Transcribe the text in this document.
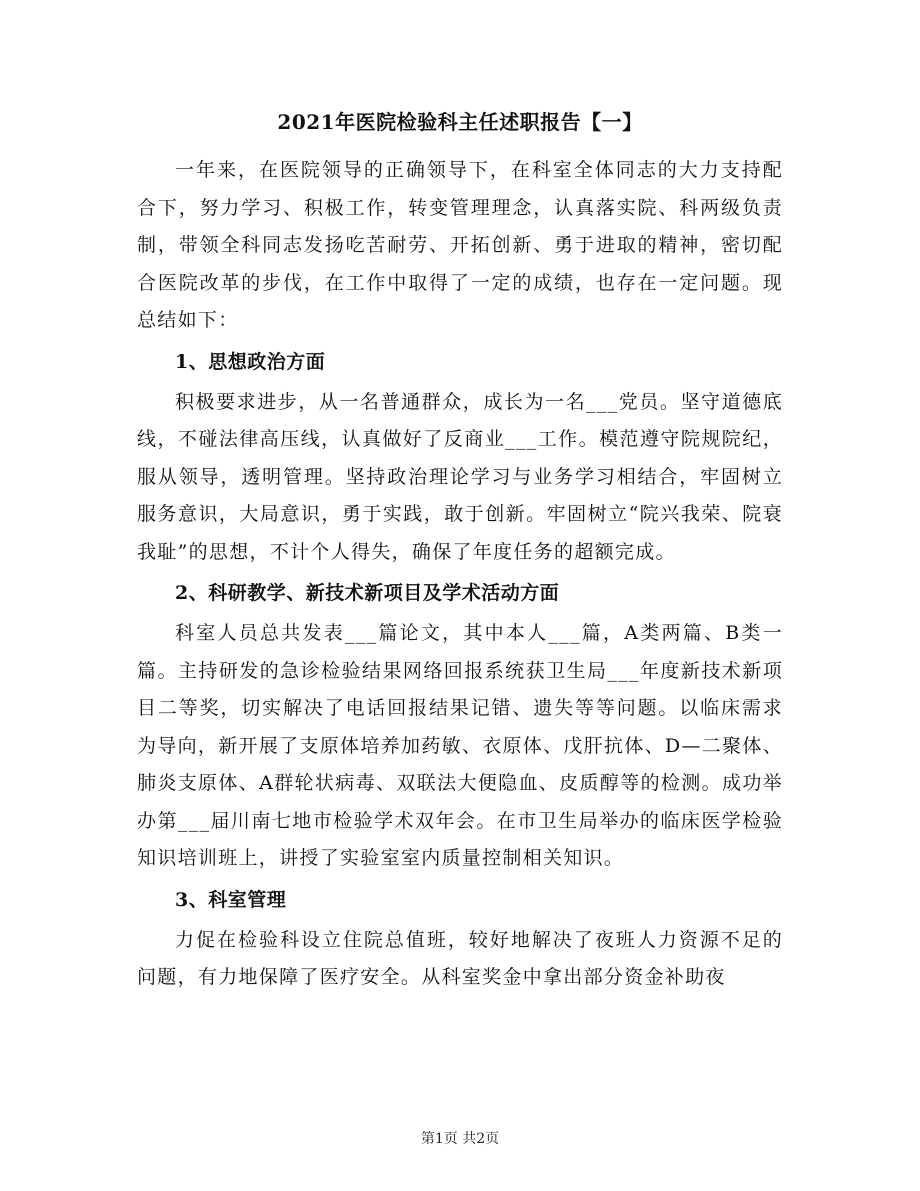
2021年医院检验科主任述职报告【一】

一年来，在医院领导的正确领导下，在科室全体同志的大力支持配合下，努力学习、积极工作，转变管理理念，认真落实院、科两级负责制，带领全科同志发扬吃苦耐劳、开拓创新、勇于进取的精神，密切配合医院改革的步伐，在工作中取得了一定的成绩，也存在一定问题。现总结如下：

1、思想政治方面

积极要求进步，从一名普通群众，成长为一名___党员。坚守道德底线，不碰法律高压线，认真做好了反商业___工作。模范遵守院规院纪，服从领导，透明管理。坚持政治理论学习与业务学习相结合，牢固树立服务意识，大局意识，勇于实践，敢于创新。牢固树立“院兴我荣、院衰我耻”的思想，不计个人得失，确保了年度任务的超额完成。

2、科研教学、新技术新项目及学术活动方面

科室人员总共发表___篇论文，其中本人___篇，A类两篇、B类一篇。主持研发的急诊检验结果网络回报系统获卫生局___年度新技术新项目二等奖，切实解决了电话回报结果记错、遗失等等问题。以临床需求为导向，新开展了支原体培养加药敏、衣原体、戊肝抗体、D—二聚体、肺炎支原体、A群轮状病毒、双联法大便隐血、皮质醇等的检测。成功举办第___届川南七地市检验学术双年会。在市卫生局举办的临床医学检验知识培训班上，讲授了实验室室内质量控制相关知识。

3、科室管理

力促在检验科设立住院总值班，较好地解决了夜班人力资源不足的问题，有力地保障了医疗安全。从科室奖金中拿出部分资金补助夜

第1页 共2页
